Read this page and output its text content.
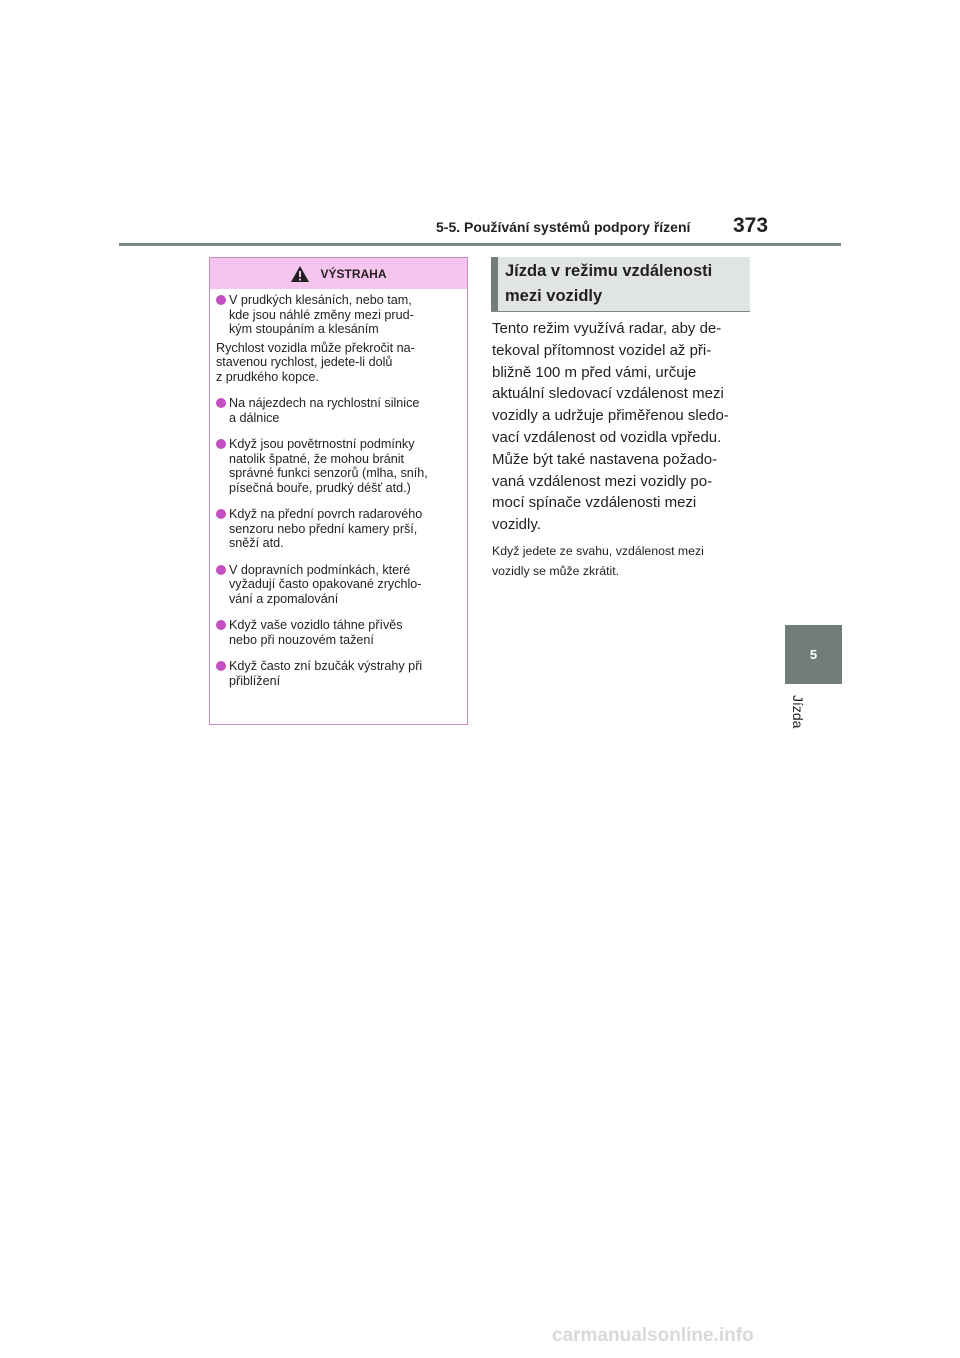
5-5. Používání systémů podpory řízení 373
5
Jízda
VÝSTRAHA
V prudkých klesáních, nebo tam,
kde jsou náhlé změny mezi prud-
kým stoupáním a klesáním
Rychlost vozidla může překročit na-
stavenou rychlost, jedete-li dolů
z prudkého kopce.
Na nájezdech na rychlostní silnice
a dálnice
Když jsou povětrnostní podmínky
natolik špatné, že mohou bránit
správné funkci senzorů (mlha, sníh,
písečná bouře, prudký déšť atd.)
Když na přední povrch radarového
senzoru nebo přední kamery prší,
sněží atd.
V dopravních podmínkách, které
vyžadují často opakované zrychlo-
vání a zpomalování
Když vaše vozidlo táhne přívěs
nebo při nouzovém tažení
Když často zní bzučák výstrahy při
přiblížení
Jízda v režimu vzdálenosti
mezi vozidly
Tento režim využívá radar, aby de-
tekoval přítomnost vozidel až při-
bližně 100 m před vámi, určuje
aktuální sledovací vzdálenost mezi
vozidly a udržuje přiměřenou sledo-
vací vzdálenost od vozidla vpředu.
Může být také nastavena požado-
vaná vzdálenost mezi vozidly po-
mocí spínače vzdálenosti mezi
vozidly.
Když jedete ze svahu, vzdálenost mezi
vozidly se může zkrátit.
carmanualsonline.info
